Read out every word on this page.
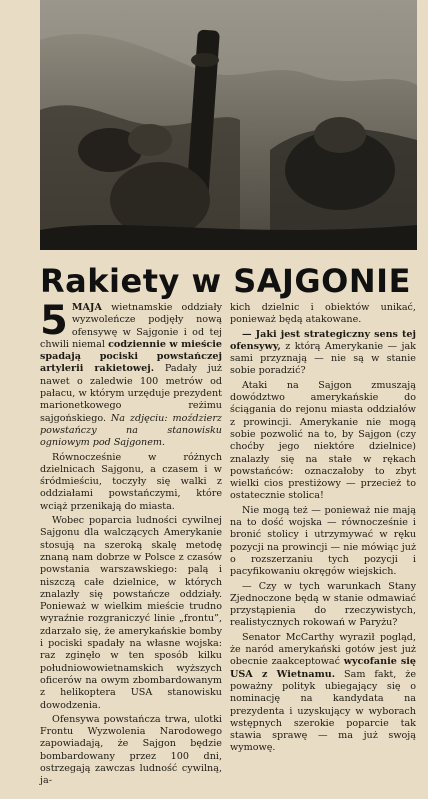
Rakiety w SAJGONIE

5 MAJA wietnamskie oddziały wyzwoleńcze podjęły nową ofensywę w Sajgonie i od tej chwili niemal codziennie w mieście spadają pociski powstańczej artylerii rakietowej. Padały już nawet o zaledwie 100 metrów od pałacu, w którym urzęduje prezydent marionetkowego reżimu sajgońskiego. Na zdjęciu: moździerz powstańczy na stanowisku ogniowym pod Sajgonem.

Równocześnie w różnych dzielnicach Sajgonu, a czasem i w śródmieściu, toczyły się walki z oddziałami powstańczymi, które wciąż przenikają do miasta.

Wobec poparcia ludności cywilnej Sajgonu dla walczących Amerykanie stosują na szeroką skalę metodę znaną nam dobrze w Polsce z czasów powstania warszawskiego: palą i niszczą całe dzielnice, w których znalazły się powstańcze oddziały. Ponieważ w wielkim mieście trudno wyraźnie rozgraniczyć linie „frontu”, zdarzało się, że amerykańskie bomby i pociski spadały na własne wojska: raz zginęło w ten sposób kilku południowowietnamskich wyższych oficerów na owym zbombardowanym z helikoptera USA stanowisku dowodzenia.

Ofensywa powstańcza trwa, ulotki Frontu Wyzwolenia Narodowego zapowiadają, że Sajgon będzie bombardowany przez 100 dni, ostrzegają zawczas ludność cywilną, ja-

kich dzielnic i obiektów unikać, ponieważ będą atakowane.

— Jaki jest strategiczny sens tej ofensywy, z którą Amerykanie — jak sami przyznają — nie są w stanie sobie poradzić?

Ataki na Sajgon zmuszają dowództwo amerykańskie do ściągania do rejonu miasta oddziałów z prowincji. Amerykanie nie mogą sobie pozwolić na to, by Sajgon (czy choćby jego niektóre dzielnice) znalazły się na stałe w rękach powstańców: oznaczałoby to zbyt wielki cios prestiżowy — przecież to ostatecznie stolica!

Nie mogą też — ponieważ nie mają na to dość wojska — równocześnie i bronić stolicy i utrzymywać w ręku pozycji na prowincji — nie mówiąc już o rozszerzaniu tych pozycji i pacyfikowaniu okręgów wiejskich.

— Czy w tych warunkach Stany Zjednoczone będą w stanie odmawiać przystąpienia do rzeczywistych, realistycznych rokowań w Paryżu?

Senator McCarthy wyraził pogląd, że naród amerykański gotów jest już obecnie zaakceptować wycofanie się USA z Wietnamu. Sam fakt, że poważny polityk ubiegający się o nominację na kandydata na prezydenta i uzyskujący w wyborach wstępnych szerokie poparcie tak stawia sprawę — ma już swoją wymowę.
